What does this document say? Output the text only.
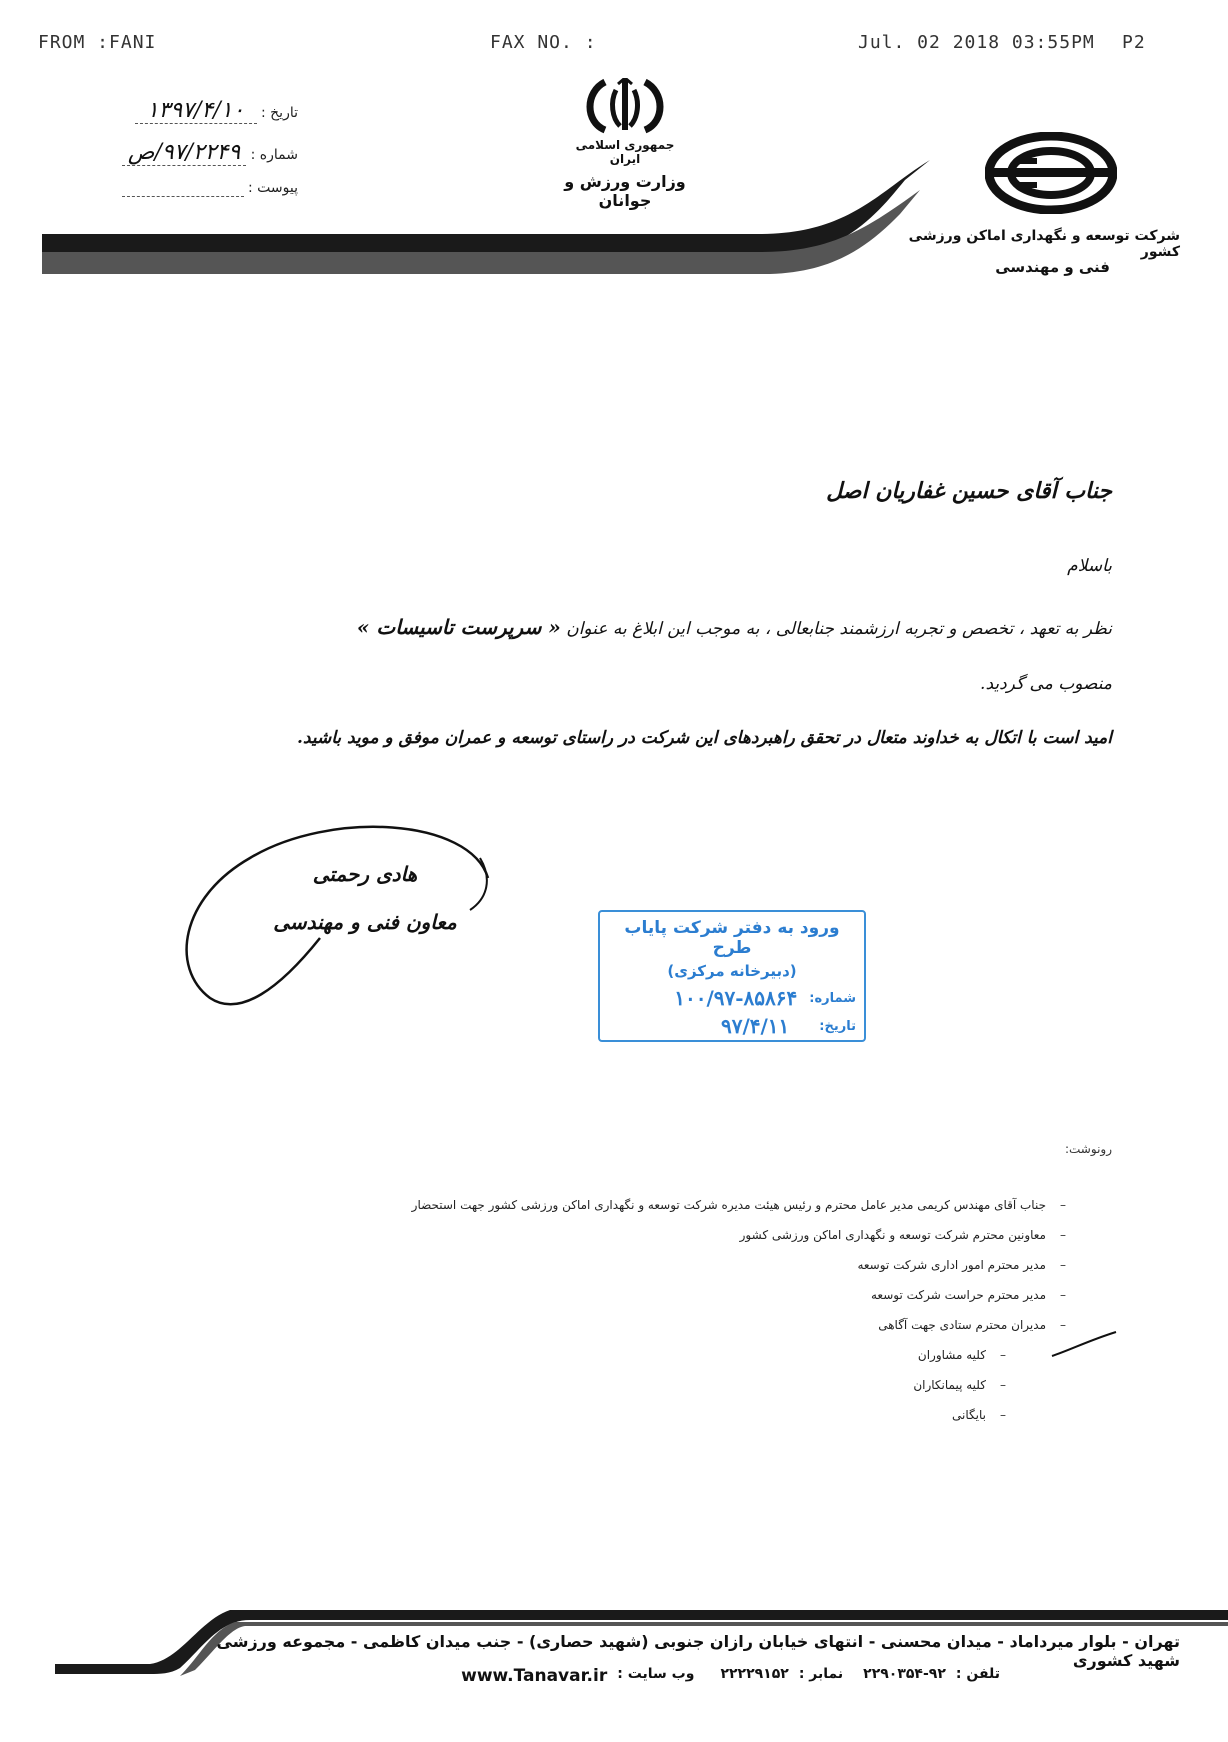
FROM :FANI	FAX NO. :	Jul. 02 2018 03:55PM P2
تاریخ : ۱۳۹۷/۴/۱۰
شماره : ۹۷/۲۲۴۹/ص
پیوست :
جمهوری اسلامی ایران
وزارت ورزش و جوانان
شرکت توسعه و نگهداری اماکن ورزشی کشور
فنی و مهندسی
جناب آقای حسین غفاریان اصل
باسلام
نظر به تعهد ، تخصص و تجربه ارزشمند جنابعالی ، به موجب این ابلاغ به عنوان « سرپرست تاسیسات »
منصوب می گردید.
امید است با اتکال به خداوند متعال در تحقق راهبردهای این شرکت در راستای توسعه و عمران موفق و موید باشید.
هادی رحمتی
معاون فنی و مهندسی	ورود به دفتر شرکت پایاب طرح
(دبیرخانه مرکزی)
شماره:
۱۰۰/۹۷-۸۵۸۶۴
تاریخ:
۹۷/۴/۱۱
رونوشت:
جناب آقای مهندس کریمی مدیر عامل محترم و رئیس هیئت مدیره شرکت توسعه و نگهداری اماکن ورزشی کشور جهت استحضار	–
معاونین محترم شرکت توسعه و نگهداری اماکن ورزشی کشور	–
مدیر محترم امور اداری شرکت توسعه	–
مدیر محترم حراست شرکت توسعه	–
مدیران محترم ستادی جهت آگاهی	–
کلیه مشاوران	–
کلیه پیمانکاران	–
بایگانی	–
تهران - بلوار میرداماد - میدان محسنی - انتهای خیابان رازان جنوبی (شهید حصاری) - جنب میدان کاظمی - مجموعه ورزشی شهید کشوری
تلفن :
۲۲۹۰۳۵۴-۹۲
نمابر :
۲۲۲۲۹۱۵۲
وب سایت :
www.Tanavar.ir
